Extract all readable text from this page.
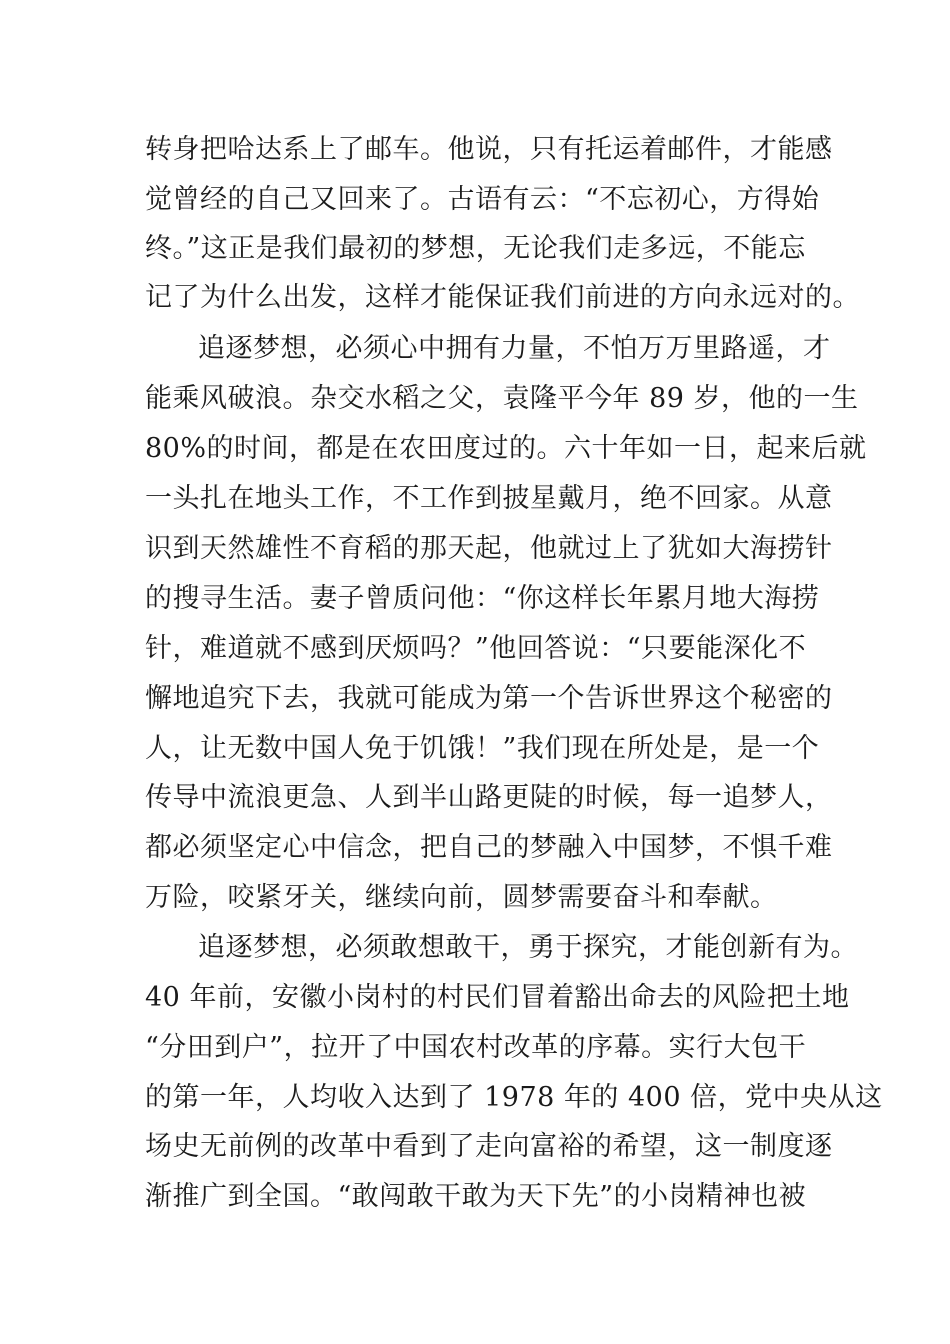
转身把哈达系上了邮车。他说，只有托运着邮件，才能感
觉曾经的自己又回来了。古语有云：“不忘初心，方得始
终。”这正是我们最初的梦想，无论我们走多远，不能忘
记了为什么出发，这样才能保证我们前进的方向永远对的。
追逐梦想，必须心中拥有力量，不怕万万里路遥，才
能乘风破浪。杂交水稻之父，袁隆平今年 89 岁，他的一生
80%的时间，都是在农田度过的。六十年如一日，起来后就
一头扎在地头工作，不工作到披星戴月，绝不回家。从意
识到天然雄性不育稻的那天起，他就过上了犹如大海捞针
的搜寻生活。妻子曾质问他：“你这样长年累月地大海捞
针，难道就不感到厌烦吗？”他回答说：“只要能深化不
懈地追究下去，我就可能成为第一个告诉世界这个秘密的
人，让无数中国人免于饥饿！”我们现在所处是，是一个
传导中流浪更急、人到半山路更陡的时候，每一追梦人，
都必须坚定心中信念，把自己的梦融入中国梦，不惧千难
万险，咬紧牙关，继续向前，圆梦需要奋斗和奉献。
追逐梦想，必须敢想敢干，勇于探究，才能创新有为。
40 年前，安徽小岗村的村民们冒着豁出命去的风险把土地
“分田到户”，拉开了中国农村改革的序幕。实行大包干
的第一年，人均收入达到了 1978 年的 400 倍，党中央从这
场史无前例的改革中看到了走向富裕的希望，这一制度逐
渐推广到全国。“敢闯敢干敢为天下先”的小岗精神也被
